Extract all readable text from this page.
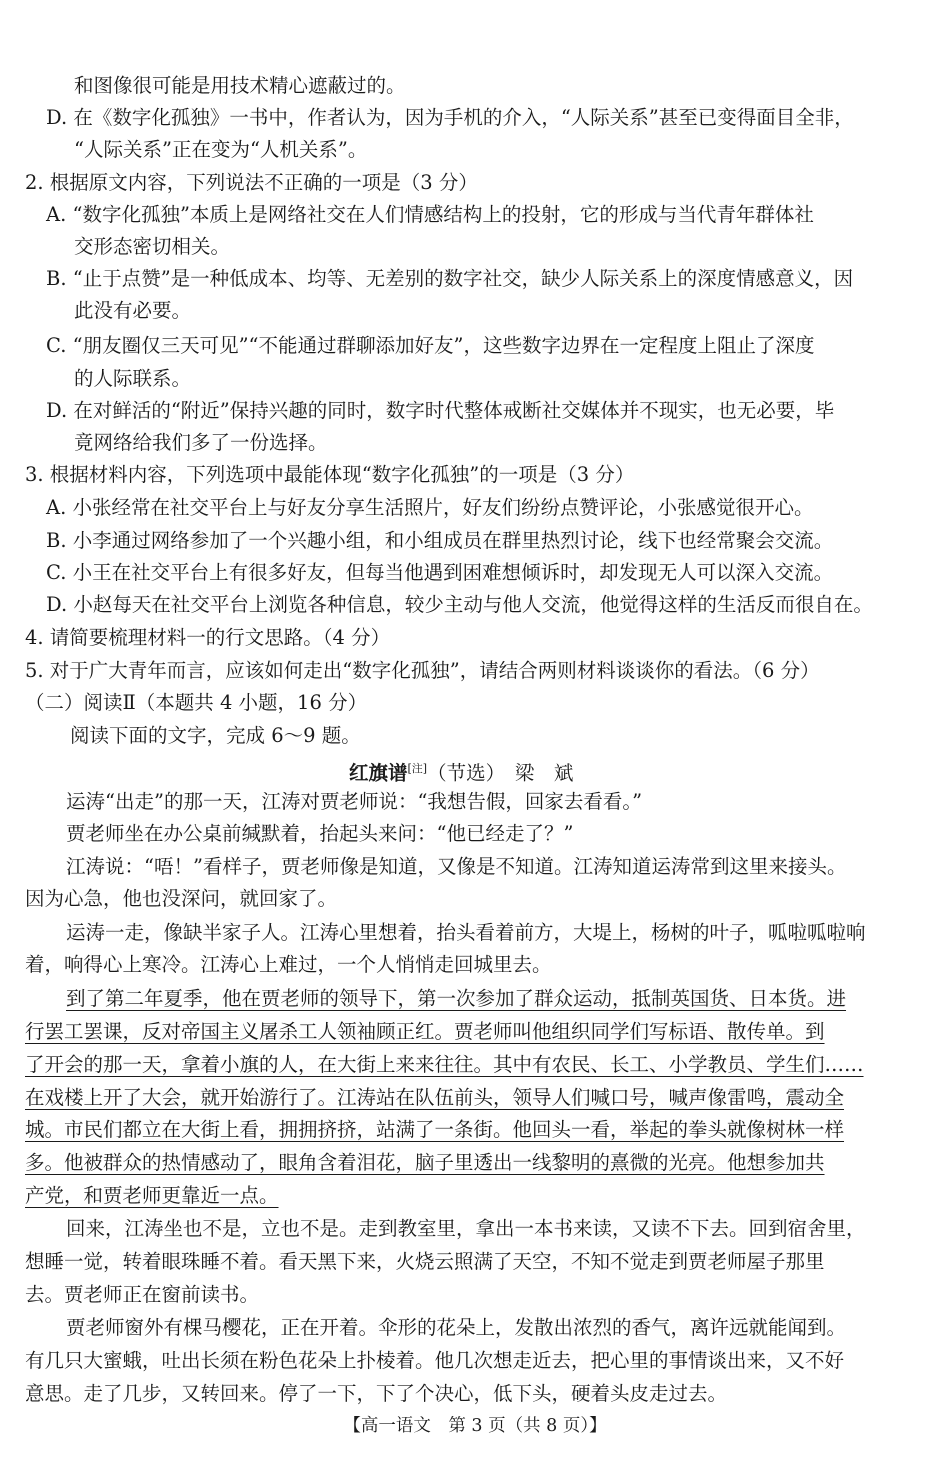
和图像很可能是用技术精心遮蔽过的。
D. 在《数字化孤独》一书中，作者认为，因为手机的介入，“人际关系”甚至已变得面目全非，
“人际关系”正在变为“人机关系”。
2. 根据原文内容，下列说法不正确的一项是（3 分）
A. “数字化孤独”本质上是网络社交在人们情感结构上的投射，它的形成与当代青年群体社
交形态密切相关。
B. “止于点赞”是一种低成本、均等、无差别的数字社交，缺少人际关系上的深度情感意义，因
此没有必要。
C. “朋友圈仅三天可见”“不能通过群聊添加好友”，这些数字边界在一定程度上阻止了深度
的人际联系。
D. 在对鲜活的“附近”保持兴趣的同时，数字时代整体戒断社交媒体并不现实，也无必要，毕
竟网络给我们多了一份选择。
3. 根据材料内容，下列选项中最能体现“数字化孤独”的一项是（3 分）
A. 小张经常在社交平台上与好友分享生活照片，好友们纷纷点赞评论，小张感觉很开心。
B. 小李通过网络参加了一个兴趣小组，和小组成员在群里热烈讨论，线下也经常聚会交流。
C. 小王在社交平台上有很多好友，但每当他遇到困难想倾诉时，却发现无人可以深入交流。
D. 小赵每天在社交平台上浏览各种信息，较少主动与他人交流，他觉得这样的生活反而很自在。
4. 请简要梳理材料一的行文思路。（4 分）
5. 对于广大青年而言，应该如何走出“数字化孤独”，请结合两则材料谈谈你的看法。（6 分）
（二）阅读Ⅱ（本题共 4 小题，16 分）
阅读下面的文字，完成 6～9 题。
红旗谱[注]（节选）　梁　斌
运涛“出走”的那一天，江涛对贾老师说：“我想告假，回家去看看。”
贾老师坐在办公桌前缄默着，抬起头来问：“他已经走了？”
江涛说：“唔！”看样子，贾老师像是知道，又像是不知道。江涛知道运涛常到这里来接头。
因为心急，他也没深问，就回家了。
运涛一走，像缺半家子人。江涛心里想着，抬头看着前方，大堤上，杨树的叶子，呱啦呱啦响
着，响得心上寒冷。江涛心上难过，一个人悄悄走回城里去。
到了第二年夏季，他在贾老师的领导下，第一次参加了群众运动，抵制英国货、日本货。进
行罢工罢课，反对帝国主义屠杀工人领袖顾正红。贾老师叫他组织同学们写标语、散传单。到
了开会的那一天，拿着小旗的人，在大街上来来往往。其中有农民、长工、小学教员、学生们……
在戏楼上开了大会，就开始游行了。江涛站在队伍前头，领导人们喊口号，喊声像雷鸣，震动全
城。市民们都立在大街上看，拥拥挤挤，站满了一条街。他回头一看，举起的拳头就像树林一样
多。他被群众的热情感动了，眼角含着泪花，脑子里透出一线黎明的熹微的光亮。他想参加共
产党，和贾老师更靠近一点。
回来，江涛坐也不是，立也不是。走到教室里，拿出一本书来读，又读不下去。回到宿舍里，
想睡一觉，转着眼珠睡不着。看天黑下来，火烧云照满了天空，不知不觉走到贾老师屋子那里
去。贾老师正在窗前读书。
贾老师窗外有棵马樱花，正在开着。伞形的花朵上，发散出浓烈的香气，离许远就能闻到。
有几只大蜜蛾，吐出长须在粉色花朵上扑棱着。他几次想走近去，把心里的事情谈出来，又不好
意思。走了几步，又转回来。停了一下，下了个决心，低下头，硬着头皮走过去。
【高一语文　第 3 页（共 8 页）】
